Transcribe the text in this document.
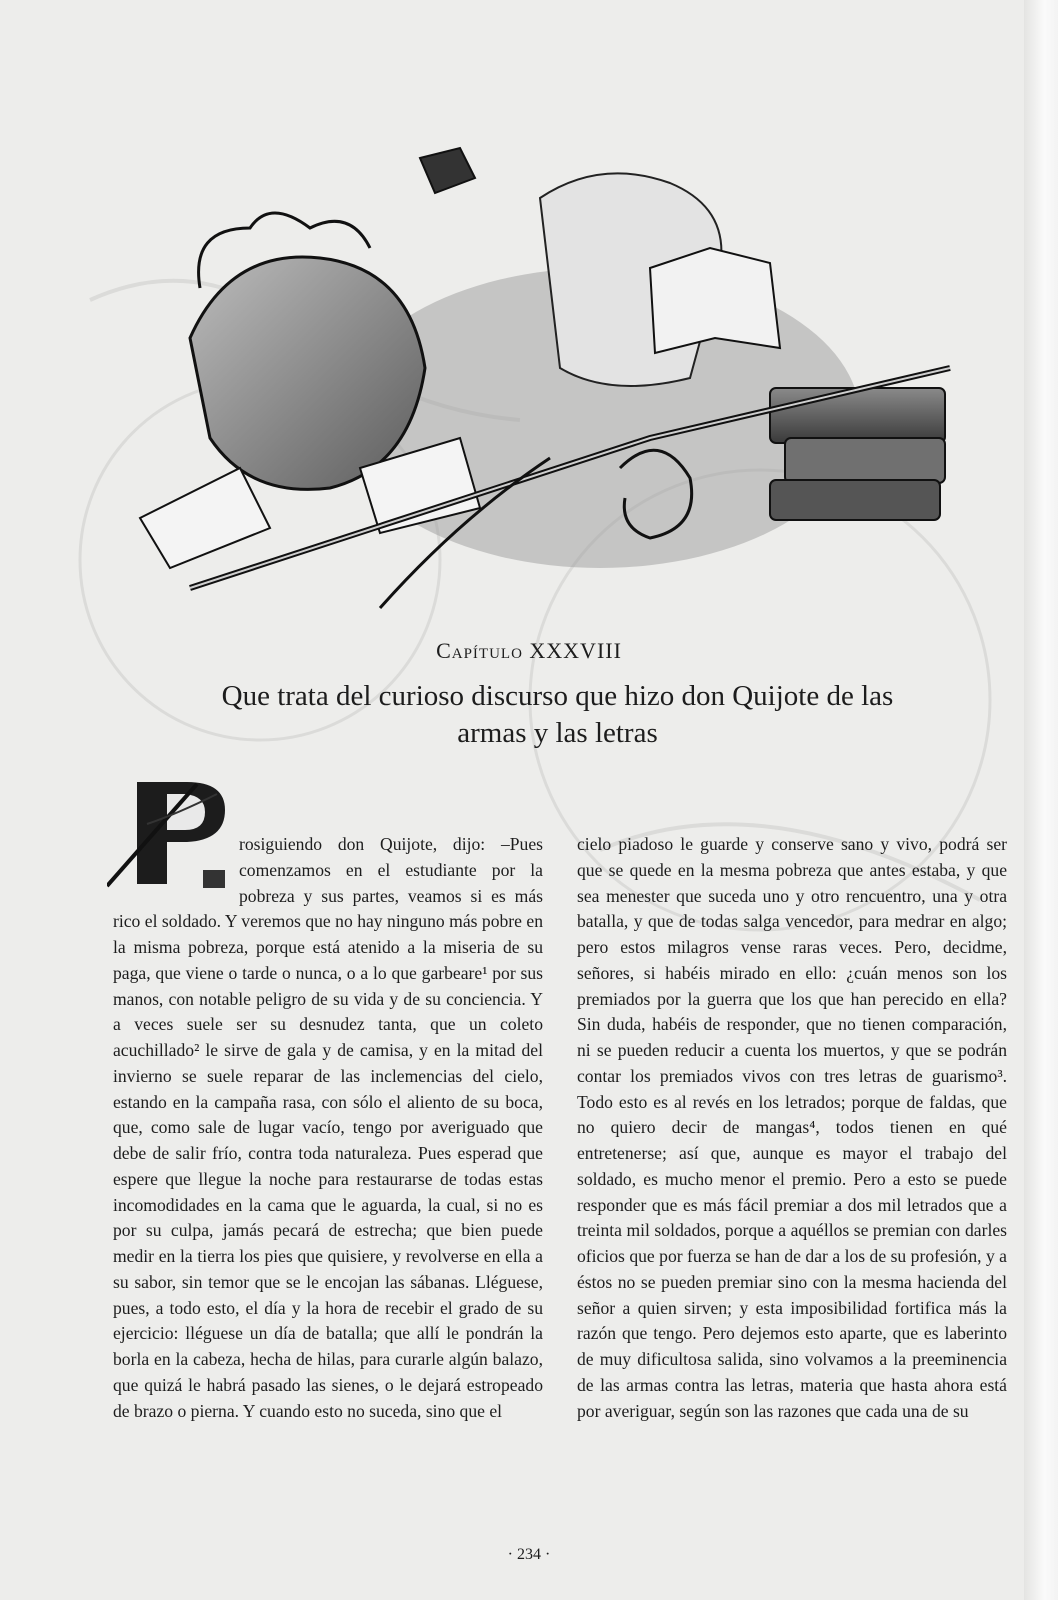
Capítulo XXXVIII
Que trata del curioso discurso que hizo don Quijote de las armas y las letras

rosiguiendo don Quijote, dijo: –Pues comenzamos en el estudiante por la pobreza y sus partes, veamos si es más rico el soldado. Y veremos que no hay ninguno más pobre en la misma pobreza, porque está atenido a la miseria de su paga, que viene o tarde o nunca, o a lo que garbeare¹ por sus manos, con notable peligro de su vida y de su conciencia. Y a veces suele ser su desnudez tanta, que un coleto acuchillado² le sirve de gala y de camisa, y en la mitad del invierno se suele reparar de las inclemencias del cielo, estando en la campaña rasa, con sólo el aliento de su boca, que, como sale de lugar vacío, tengo por averiguado que debe de salir frío, contra toda naturaleza. Pues esperad que espere que llegue la noche para restaurarse de todas estas incomodidades en la cama que le aguarda, la cual, si no es por su culpa, jamás pecará de estrecha; que bien puede medir en la tierra los pies que quisiere, y revolverse en ella a su sabor, sin temor que se le encojan las sábanas. Lléguese, pues, a todo esto, el día y la hora de recebir el grado de su ejercicio: lléguese un día de batalla; que allí le pondrán la borla en la cabeza, hecha de hilas, para curarle algún balazo, que quizá le habrá pasado las sienes, o le dejará estropeado de brazo o pierna. Y cuando esto no suceda, sino que el

cielo piadoso le guarde y conserve sano y vivo, podrá ser que se quede en la mesma pobreza que antes estaba, y que sea menester que suceda uno y otro rencuentro, una y otra batalla, y que de todas salga vencedor, para medrar en algo; pero estos milagros vense raras veces. Pero, decidme, señores, si habéis mirado en ello: ¿cuán menos son los premiados por la guerra que los que han perecido en ella? Sin duda, habéis de responder, que no tienen comparación, ni se pueden reducir a cuenta los muertos, y que se podrán contar los premiados vivos con tres letras de guarismo³. Todo esto es al revés en los letrados; porque de faldas, que no quiero decir de mangas⁴, todos tienen en qué entretenerse; así que, aunque es mayor el trabajo del soldado, es mucho menor el premio. Pero a esto se puede responder que es más fácil premiar a dos mil letrados que a treinta mil soldados, porque a aquéllos se premian con darles oficios que por fuerza se han de dar a los de su profesión, y a éstos no se pueden premiar sino con la mesma hacienda del señor a quien sirven; y esta imposibilidad fortifica más la razón que tengo. Pero dejemos esto aparte, que es laberinto de muy dificultosa salida, sino volvamos a la preeminencia de las armas contra las letras, materia que hasta ahora está por averiguar, según son las razones que cada una de su

· 234 ·
